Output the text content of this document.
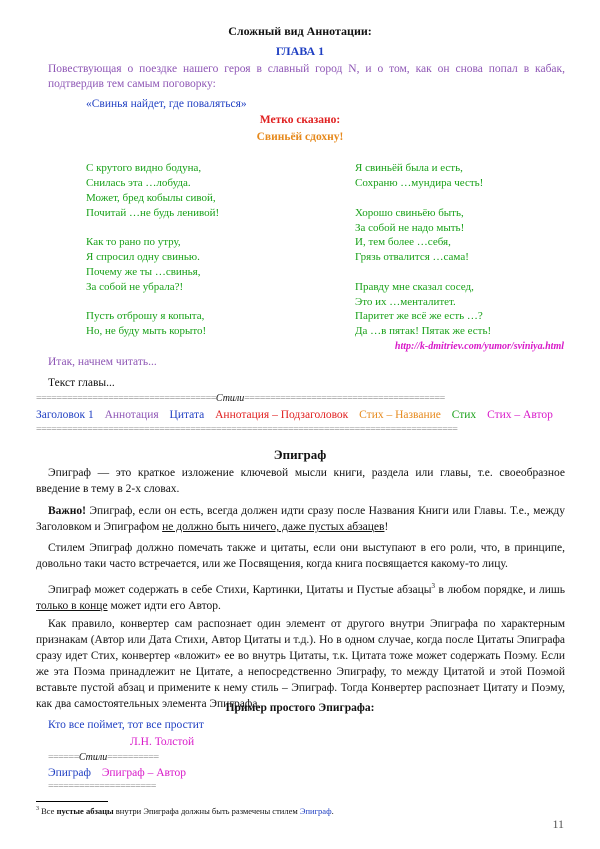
Сложный вид Аннотации:
ГЛАВА 1
Повествующая о поездке нашего героя в славный город N, и о том, как он снова попал в кабак, подтвердив тем самым поговорку:
«Свинья найдет, где поваляться»
Метко сказано:
Свиньёй сдохну!
С крутого видно бодуна,
Снилась эта …лобуда.
Может, бред кобылы сивой,
Почитай …не будь ленивой!
Как то рано по утру,
Я спросил одну свинью.
Почему же ты …свинья,
За собой не убрала?!
Пусть отброшу я копыта,
Но, не буду мыть корыто!
Я свиньёй была и есть,
Сохраню …мундира честь!
Хорошо свиньёю быть,
За собой не надо мыть!
И, тем более …себя,
Грязь отвалится …сама!
Правду мне сказал сосед,
Это их …менталитет.
Паритет же всё же есть …?
Да …в пятак! Пятак же есть!
http://k-dmitriev.com/yumor/sviniya.html
Итак, начнем читать...
Текст главы...
===================================Стили=======================================
Заголовок 1 Аннотация Цитата Аннотация – Подзаголовок Стих – Название Стих Стих – Автор
==================================================================================
Эпиграф
Эпиграф — это краткое изложение ключевой мысли книги, раздела или главы, т.е. своеобразное введение в тему в 2-х словах.
Важно! Эпиграф, если он есть, всегда должен идти сразу после Названия Книги или Главы. Т.е., между Заголовком и Эпиграфом не должно быть ничего, даже пустых абзацев!
Стилем Эпиграф должно помечать также и цитаты, если они выступают в его роли, что, в принципе, довольно таки часто встречается, или же Посвящения, когда книга посвящается какому-то лицу.
Эпиграф может содержать в себе Стихи, Картинки, Цитаты и Пустые абзацы$^3$ в любом порядке, и лишь только в конце может идти его Автор.
Как правило, конвертер сам распознает один элемент от другого внутри Эпиграфа по характерным признакам (Автор или Дата Стихи, Автор Цитаты и т.д.). Но в одном случае, когда после Цитаты Эпиграфа сразу идет Стих, конвертер «вложит» ее во внутрь Цитаты, т.к. Цитата тоже может содержать Поэму. Если же эта Поэма принадлежит не Цитате, а непосредственно Эпиграфу, то между Цитатой и этой Поэмой вставьте пустой абзац и примените к нему стиль – Эпиграф. Тогда Конвертер распознает Цитату и Поэму, как два самостоятельных элемента Эпиграфа.
Пример простого Эпиграфа:
Кто все поймет, тот все простит
Л.Н. Толстой
======Стили==========
Эпиграф Эпиграф – Автор
=====================
$^3$ Все пустые абзацы внутри Эпиграфа должны быть размечены стилем Эпиграф.
11
